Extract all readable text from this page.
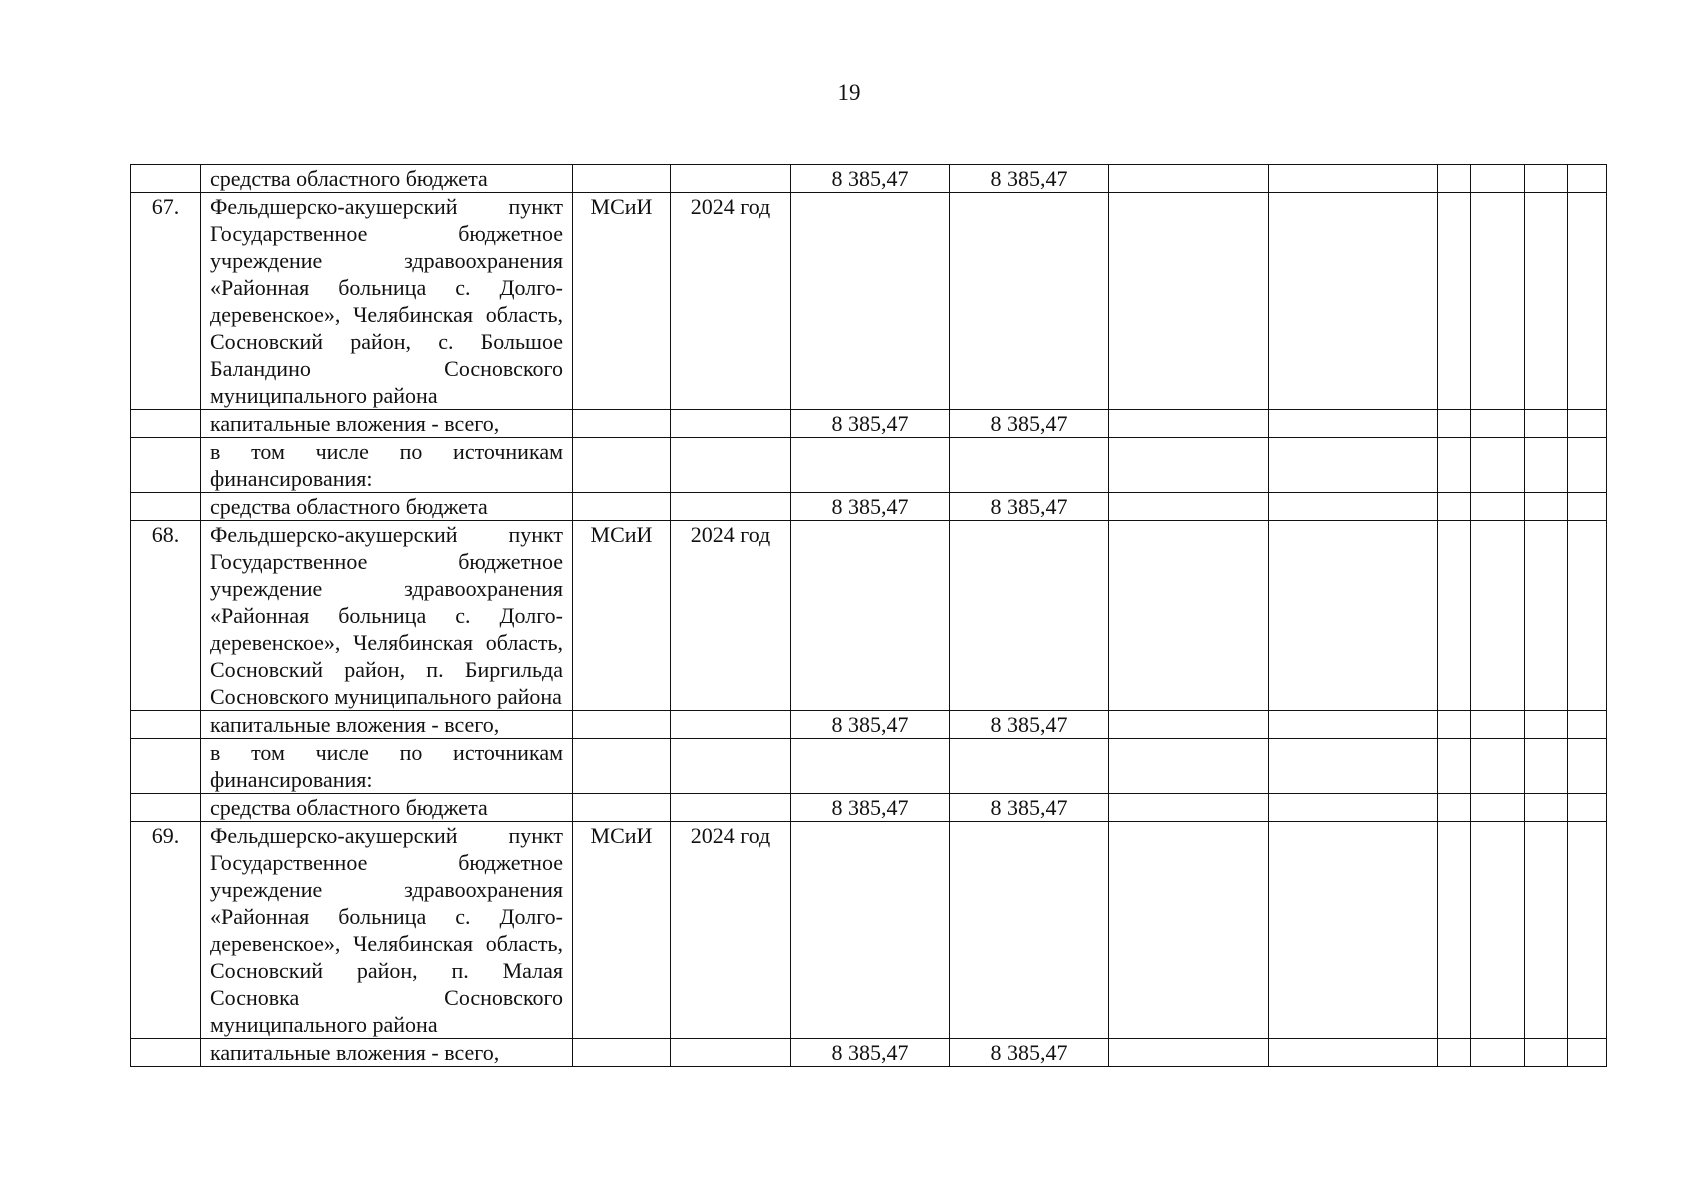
19
	средства областного бюджета			8 385,47	8 385,47						
67.	Фельдшерско-акушерский пункт Государственное бюджетное учреждение здравоохранения «Районная больница с. Долгодеревенское», Челябинская область, Сосновский район, с. Большое Баландино Сосновского муниципального района	МСиИ	2024 год								
	капитальные вложения - всего,			8 385,47	8 385,47						
	в том числе по источникам финансирования:										
	средства областного бюджета			8 385,47	8 385,47						
68.	Фельдшерско-акушерский пункт Государственное бюджетное учреждение здравоохранения «Районная больница с. Долгодеревенское», Челябинская область, Сосновский район, п. Биргильда Сосновского муниципального района	МСиИ	2024 год								
	капитальные вложения - всего,			8 385,47	8 385,47						
	в том числе по источникам финансирования:										
	средства областного бюджета			8 385,47	8 385,47						
69.	Фельдшерско-акушерский пункт Государственное бюджетное учреждение здравоохранения «Районная больница с. Долгодеревенское», Челябинская область, Сосновский район, п. Малая Сосновка Сосновского муниципального района	МСиИ	2024 год								
	капитальные вложения - всего,			8 385,47	8 385,47						
